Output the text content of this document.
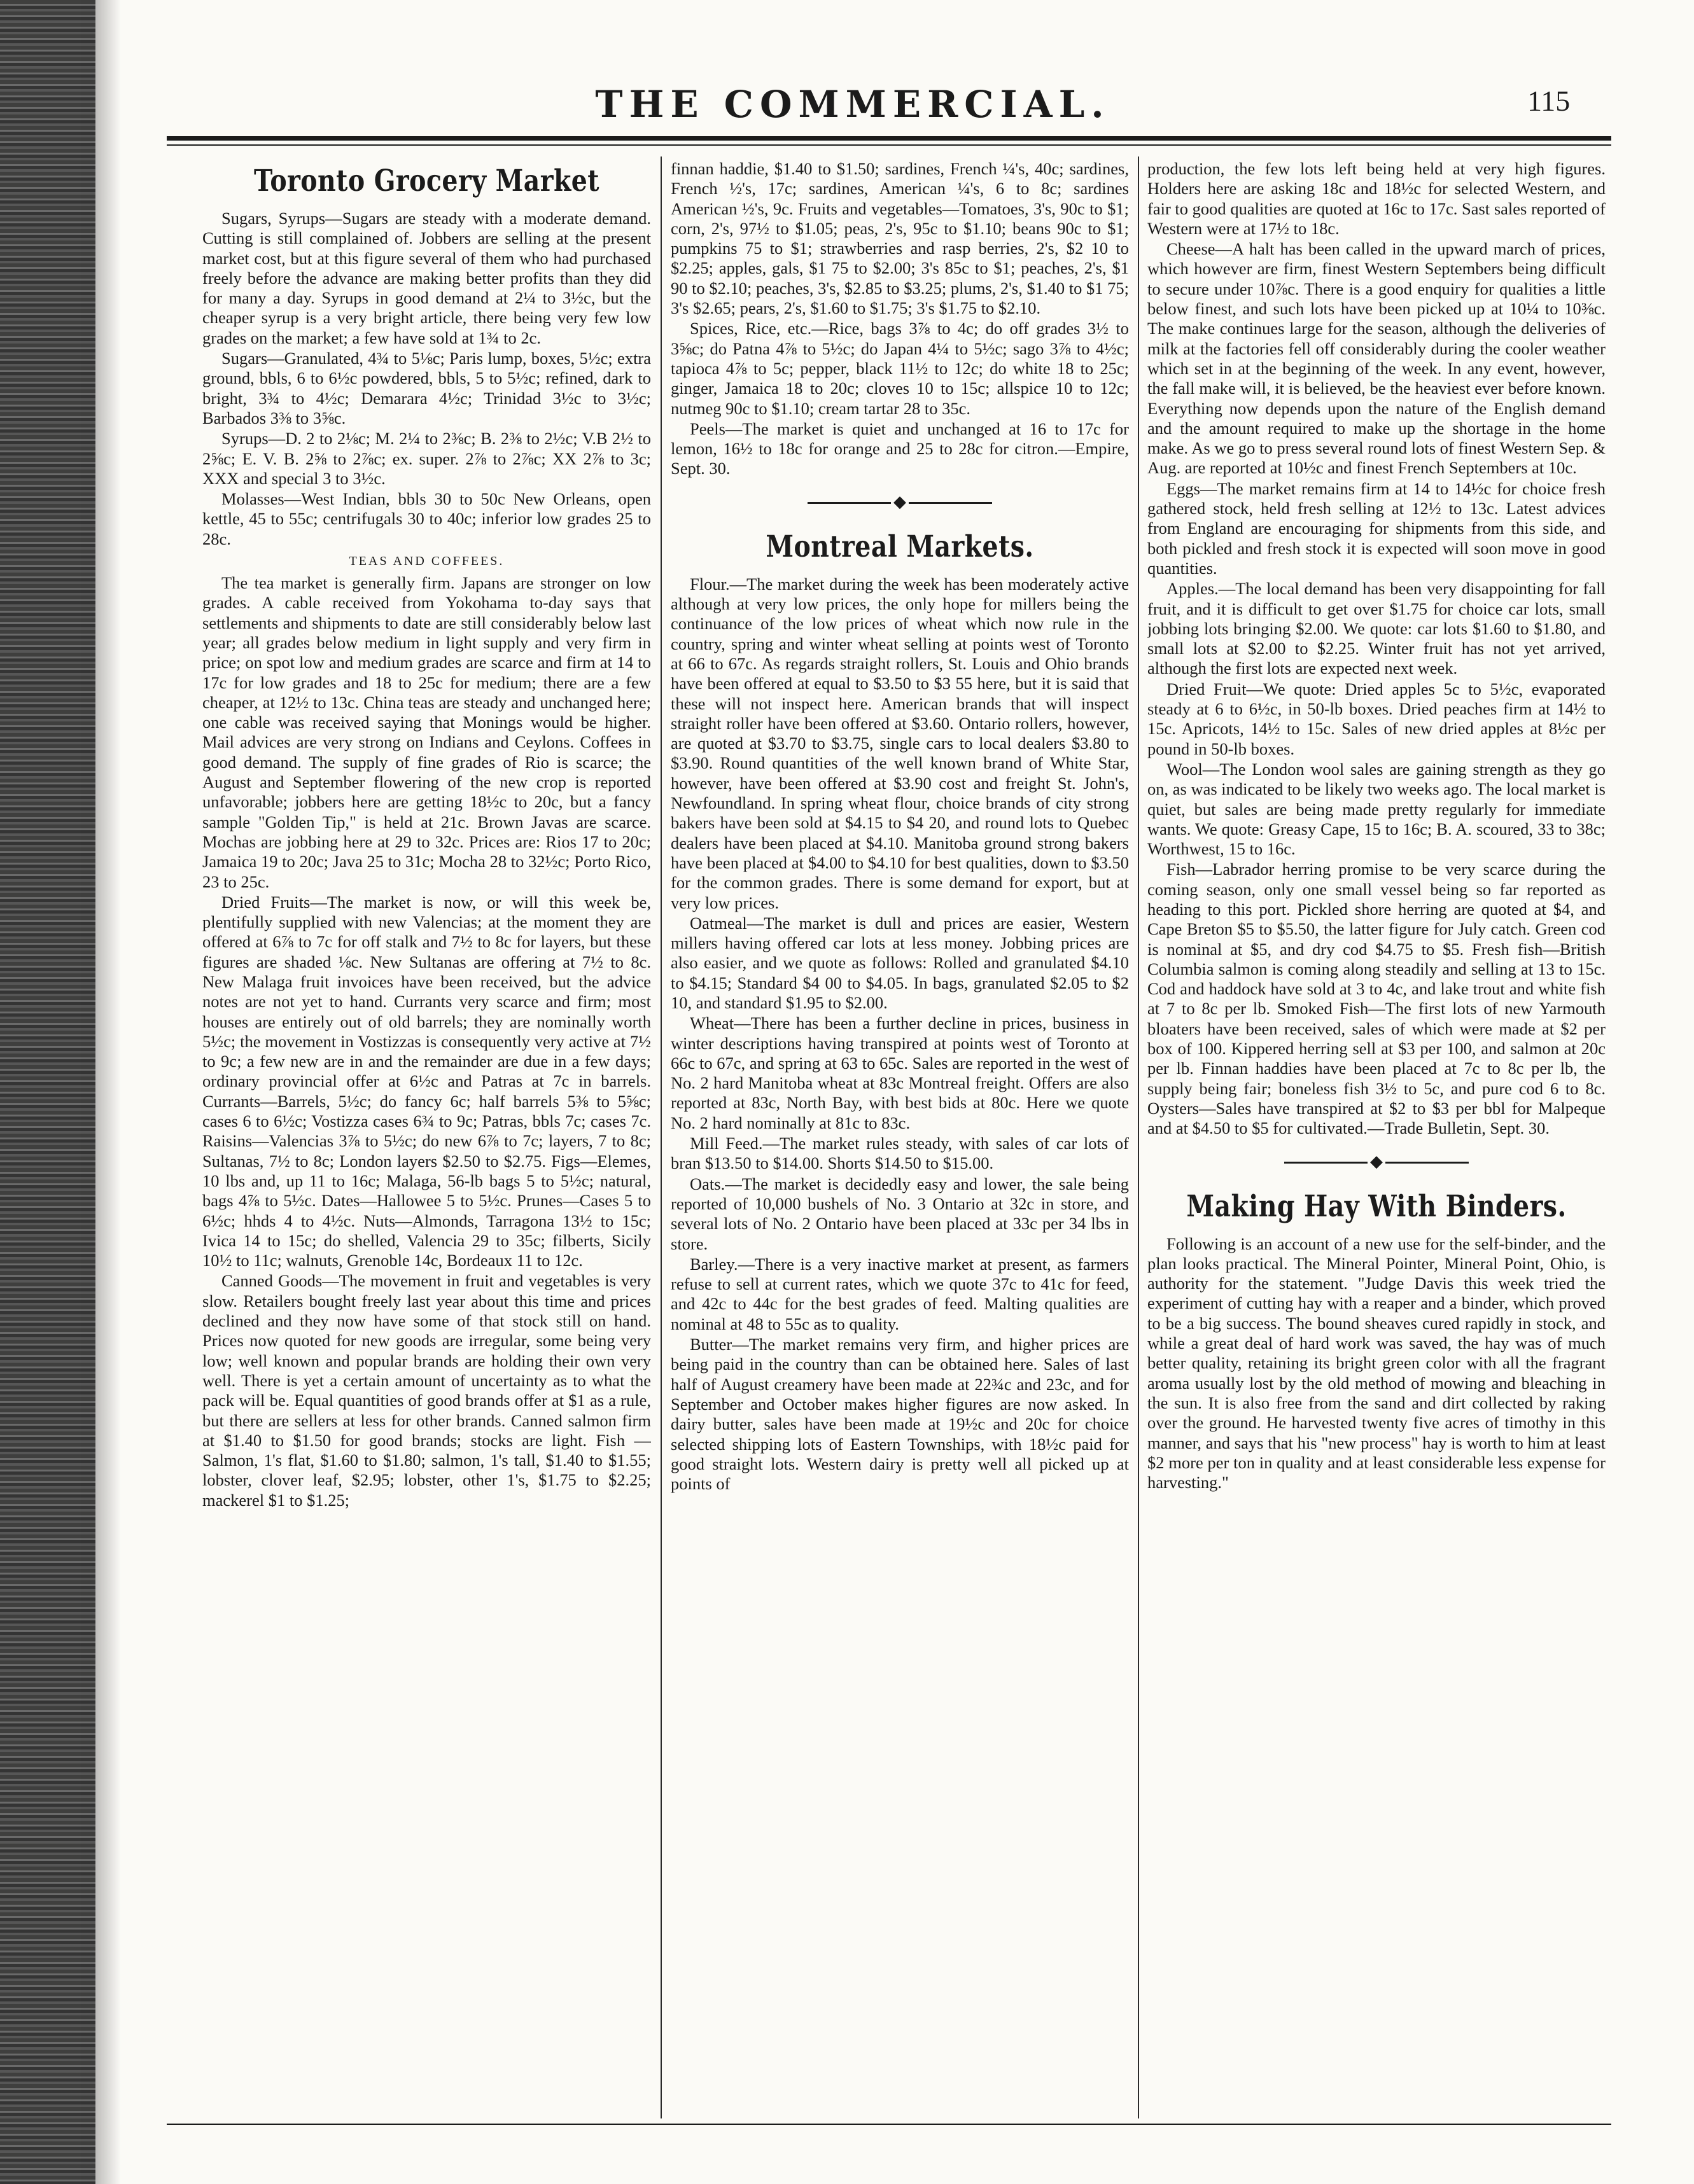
THE COMMERCIAL.	115
Toronto Grocery Market

Sugars, Syrups—Sugars are steady with a moderate demand. Cutting is still complained of. Jobbers are selling at the present market cost, but at this figure several of them who had purchased freely before the advance are making better profits than they did for many a day. Syrups in good demand at 2¼ to 3½c, but the cheaper syrup is a very bright article, there being very few low grades on the market; a few have sold at 1¾ to 2c.

Sugars—Granulated, 4¾ to 5⅛c; Paris lump, boxes, 5½c; extra ground, bbls, 6 to 6½c powdered, bbls, 5 to 5½c; refined, dark to bright, 3¾ to 4½c; Demarara 4½c; Trinidad 3½c to 3½c; Barbados 3⅜ to 3⅝c.

Syrups—D. 2 to 2⅛c; M. 2¼ to 2⅜c; B. 2⅜ to 2½c; V.B 2½ to 2⅝c; E. V. B. 2⅝ to 2⅞c; ex. super. 2⅞ to 2⅞c; XX 2⅞ to 3c; XXX and special 3 to 3½c.

Molasses—West Indian, bbls 30 to 50c New Orleans, open kettle, 45 to 55c; centrifugals 30 to 40c; inferior low grades 25 to 28c.

TEAS AND COFFEES.

The tea market is generally firm. Japans are stronger on low grades. A cable received from Yokohama to-day says that settlements and shipments to date are still considerably below last year; all grades below medium in light supply and very firm in price; on spot low and medium grades are scarce and firm at 14 to 17c for low grades and 18 to 25c for medium; there are a few cheaper, at 12½ to 13c. China teas are steady and unchanged here; one cable was received saying that Monings would be higher. Mail advices are very strong on Indians and Ceylons. Coffees in good demand. The supply of fine grades of Rio is scarce; the August and September flowering of the new crop is reported unfavorable; jobbers here are getting 18½c to 20c, but a fancy sample "Golden Tip," is held at 21c. Brown Javas are scarce. Mochas are jobbing here at 29 to 32c. Prices are: Rios 17 to 20c; Jamaica 19 to 20c; Java 25 to 31c; Mocha 28 to 32½c; Porto Rico, 23 to 25c.

Dried Fruits—The market is now, or will this week be, plentifully supplied with new Valencias; at the moment they are offered at 6⅞ to 7c for off stalk and 7½ to 8c for layers, but these figures are shaded ⅛c. New Sultanas are offering at 7½ to 8c. New Malaga fruit invoices have been received, but the advice notes are not yet to hand. Currants very scarce and firm; most houses are entirely out of old barrels; they are nominally worth 5½c; the movement in Vostizzas is consequently very active at 7½ to 9c; a few new are in and the remainder are due in a few days; ordinary provincial offer at 6½c and Patras at 7c in barrels. Currants—Barrels, 5½c; do fancy 6c; half barrels 5⅜ to 5⅝c; cases 6 to 6½c; Vostizza cases 6¾ to 9c; Patras, bbls 7c; cases 7c. Raisins—Valencias 3⅞ to 5½c; do new 6⅞ to 7c; layers, 7 to 8c; Sultanas, 7½ to 8c; London layers $2.50 to $2.75. Figs—Elemes, 10 lbs and, up 11 to 16c; Malaga, 56-lb bags 5 to 5½c; natural, bags 4⅞ to 5½c. Dates—Hallowee 5 to 5½c. Prunes—Cases 5 to 6½c; hhds 4 to 4½c. Nuts—Almonds, Tarragona 13½ to 15c; Ivica 14 to 15c; do shelled, Valencia 29 to 35c; filberts, Sicily 10½ to 11c; walnuts, Grenoble 14c, Bordeaux 11 to 12c.

Canned Goods—The movement in fruit and vegetables is very slow. Retailers bought freely last year about this time and prices declined and they now have some of that stock still on hand. Prices now quoted for new goods are irregular, some being very low; well known and popular brands are holding their own very well. There is yet a certain amount of uncertainty as to what the pack will be. Equal quantities of good brands offer at $1 as a rule, but there are sellers at less for other brands. Canned salmon firm at $1.40 to $1.50 for good brands; stocks are light. Fish — Salmon, 1's flat, $1.60 to $1.80; salmon, 1's tall, $1.40 to $1.55; lobster, clover leaf, $2.95; lobster, other 1's, $1.75 to $2.25; mackerel $1 to $1.25;

finnan haddie, $1.40 to $1.50; sardines, French ¼'s, 40c; sardines, French ½'s, 17c; sardines, American ¼'s, 6 to 8c; sardines American ½'s, 9c. Fruits and vegetables—Tomatoes, 3's, 90c to $1; corn, 2's, 97½ to $1.05; peas, 2's, 95c to $1.10; beans 90c to $1; pumpkins 75 to $1; strawberries and rasp berries, 2's, $2 10 to $2.25; apples, gals, $1 75 to $2.00; 3's 85c to $1; peaches, 2's, $1 90 to $2.10; peaches, 3's, $2.85 to $3.25; plums, 2's, $1.40 to $1 75; 3's $2.65; pears, 2's, $1.60 to $1.75; 3's $1.75 to $2.10.

Spices, Rice, etc.—Rice, bags 3⅞ to 4c; do off grades 3½ to 3⅝c; do Patna 4⅞ to 5½c; do Japan 4¼ to 5½c; sago 3⅞ to 4½c; tapioca 4⅞ to 5c; pepper, black 11½ to 12c; do white 18 to 25c; ginger, Jamaica 18 to 20c; cloves 10 to 15c; allspice 10 to 12c; nutmeg 90c to $1.10; cream tartar 28 to 35c.

Peels—The market is quiet and unchanged at 16 to 17c for lemon, 16½ to 18c for orange and 25 to 28c for citron.—Empire, Sept. 30.

◆
Montreal Markets.

Flour.—The market during the week has been moderately active although at very low prices, the only hope for millers being the continuance of the low prices of wheat which now rule in the country, spring and winter wheat selling at points west of Toronto at 66 to 67c. As regards straight rollers, St. Louis and Ohio brands have been offered at equal to $3.50 to $3 55 here, but it is said that these will not inspect here. American brands that will inspect straight roller have been offered at $3.60. Ontario rollers, however, are quoted at $3.70 to $3.75, single cars to local dealers $3.80 to $3.90. Round quantities of the well known brand of White Star, however, have been offered at $3.90 cost and freight St. John's, Newfoundland. In spring wheat flour, choice brands of city strong bakers have been sold at $4.15 to $4 20, and round lots to Quebec dealers have been placed at $4.10. Manitoba ground strong bakers have been placed at $4.00 to $4.10 for best qualities, down to $3.50 for the common grades. There is some demand for export, but at very low prices.

Oatmeal—The market is dull and prices are easier, Western millers having offered car lots at less money. Jobbing prices are also easier, and we quote as follows: Rolled and granulated $4.10 to $4.15; Standard $4 00 to $4.05. In bags, granulated $2.05 to $2 10, and standard $1.95 to $2.00.

Wheat—There has been a further decline in prices, business in winter descriptions having transpired at points west of Toronto at 66c to 67c, and spring at 63 to 65c. Sales are reported in the west of No. 2 hard Manitoba wheat at 83c Montreal freight. Offers are also reported at 83c, North Bay, with best bids at 80c. Here we quote No. 2 hard nominally at 81c to 83c.

Mill Feed.—The market rules steady, with sales of car lots of bran $13.50 to $14.00. Shorts $14.50 to $15.00.

Oats.—The market is decidedly easy and lower, the sale being reported of 10,000 bushels of No. 3 Ontario at 32c in store, and several lots of No. 2 Ontario have been placed at 33c per 34 lbs in store.

Barley.—There is a very inactive market at present, as farmers refuse to sell at current rates, which we quote 37c to 41c for feed, and 42c to 44c for the best grades of feed. Malting qualities are nominal at 48 to 55c as to quality.

Butter—The market remains very firm, and higher prices are being paid in the country than can be obtained here. Sales of last half of August creamery have been made at 22¾c and 23c, and for September and October makes higher figures are now asked. In dairy butter, sales have been made at 19½c and 20c for choice selected shipping lots of Eastern Townships, with 18½c paid for good straight lots. Western dairy is pretty well all picked up at points of

production, the few lots left being held at very high figures. Holders here are asking 18c and 18½c for selected Western, and fair to good qualities are quoted at 16c to 17c. Sast sales reported of Western were at 17½ to 18c.

Cheese—A halt has been called in the upward march of prices, which however are firm, finest Western Septembers being difficult to secure under 10⅞c. There is a good enquiry for qualities a little below finest, and such lots have been picked up at 10¼ to 10⅜c. The make continues large for the season, although the deliveries of milk at the factories fell off considerably during the cooler weather which set in at the beginning of the week. In any event, however, the fall make will, it is believed, be the heaviest ever before known. Everything now depends upon the nature of the English demand and the amount required to make up the shortage in the home make. As we go to press several round lots of finest Western Sep. & Aug. are reported at 10½c and finest French Septembers at 10c.

Eggs—The market remains firm at 14 to 14½c for choice fresh gathered stock, held fresh selling at 12½ to 13c. Latest advices from England are encouraging for shipments from this side, and both pickled and fresh stock it is expected will soon move in good quantities.

Apples.—The local demand has been very disappointing for fall fruit, and it is difficult to get over $1.75 for choice car lots, small jobbing lots bringing $2.00. We quote: car lots $1.60 to $1.80, and small lots at $2.00 to $2.25. Winter fruit has not yet arrived, although the first lots are expected next week.

Dried Fruit—We quote: Dried apples 5c to 5½c, evaporated steady at 6 to 6½c, in 50-lb boxes. Dried peaches firm at 14½ to 15c. Apricots, 14½ to 15c. Sales of new dried apples at 8½c per pound in 50-lb boxes.

Wool—The London wool sales are gaining strength as they go on, as was indicated to be likely two weeks ago. The local market is quiet, but sales are being made pretty regularly for immediate wants. We quote: Greasy Cape, 15 to 16c; B. A. scoured, 33 to 38c; Worthwest, 15 to 16c.

Fish—Labrador herring promise to be very scarce during the coming season, only one small vessel being so far reported as heading to this port. Pickled shore herring are quoted at $4, and Cape Breton $5 to $5.50, the latter figure for July catch. Green cod is nominal at $5, and dry cod $4.75 to $5. Fresh fish—British Columbia salmon is coming along steadily and selling at 13 to 15c. Cod and haddock have sold at 3 to 4c, and lake trout and white fish at 7 to 8c per lb. Smoked Fish—The first lots of new Yarmouth bloaters have been received, sales of which were made at $2 per box of 100. Kippered herring sell at $3 per 100, and salmon at 20c per lb. Finnan haddies have been placed at 7c to 8c per lb, the supply being fair; boneless fish 3½ to 5c, and pure cod 6 to 8c. Oysters—Sales have transpired at $2 to $3 per bbl for Malpeque and at $4.50 to $5 for cultivated.—Trade Bulletin, Sept. 30.

◆
Making Hay With Binders.

Following is an account of a new use for the self-binder, and the plan looks practical. The Mineral Pointer, Mineral Point, Ohio, is authority for the statement. "Judge Davis this week tried the experiment of cutting hay with a reaper and a binder, which proved to be a big success. The bound sheaves cured rapidly in stock, and while a great deal of hard work was saved, the hay was of much better quality, retaining its bright green color with all the fragrant aroma usually lost by the old method of mowing and bleaching in the sun. It is also free from the sand and dirt collected by raking over the ground. He harvested twenty five acres of timothy in this manner, and says that his "new process" hay is worth to him at least $2 more per ton in quality and at least considerable less expense for harvesting."
